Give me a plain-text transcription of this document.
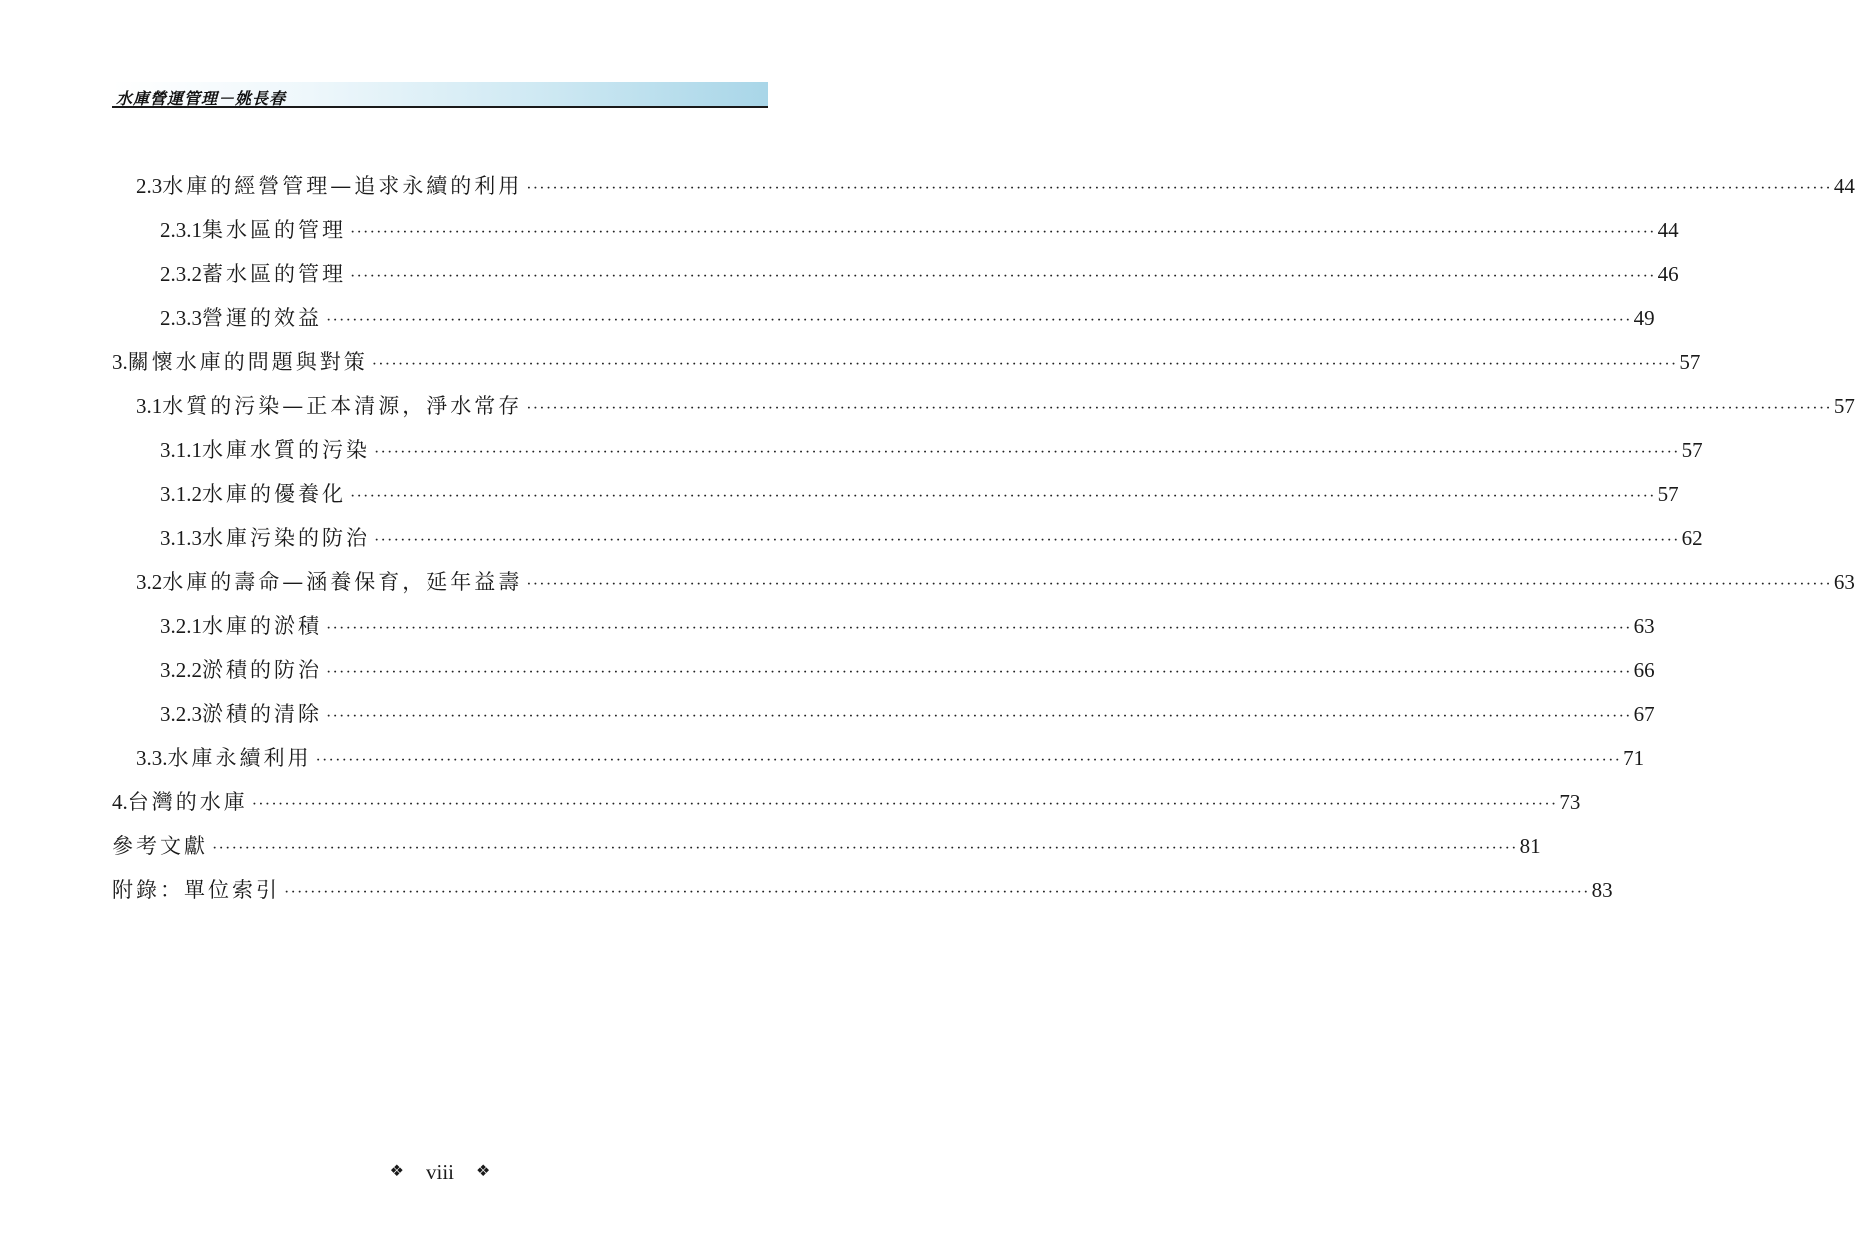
水庫營運管理－姚長春
2.3 水庫的經營管理—追求永續的利用 ········································································································································································································ 44
2.3.1 集水區的管理 ········································································································································································································ 44
2.3.2 蓄水區的管理 ········································································································································································································ 46
2.3.3 營運的效益 ········································································································································································································ 49
3. 關懷水庫的問題與對策 ········································································································································································································ 57
3.1 水質的污染—正本清源，淨水常存 ········································································································································································································ 57
3.1.1 水庫水質的污染 ········································································································································································································ 57
3.1.2 水庫的優養化 ········································································································································································································ 57
3.1.3 水庫污染的防治 ········································································································································································································ 62
3.2 水庫的壽命—涵養保育，延年益壽 ········································································································································································································ 63
3.2.1 水庫的淤積 ········································································································································································································ 63
3.2.2 淤積的防治 ········································································································································································································ 66
3.2.3 淤積的清除 ········································································································································································································ 67
3.3. 水庫永續利用 ········································································································································································································ 71
4. 台灣的水庫 ········································································································································································································ 73
參考文獻 ········································································································································································································ 81
附錄：單位索引 ········································································································································································································ 83
❖ viii ❖
